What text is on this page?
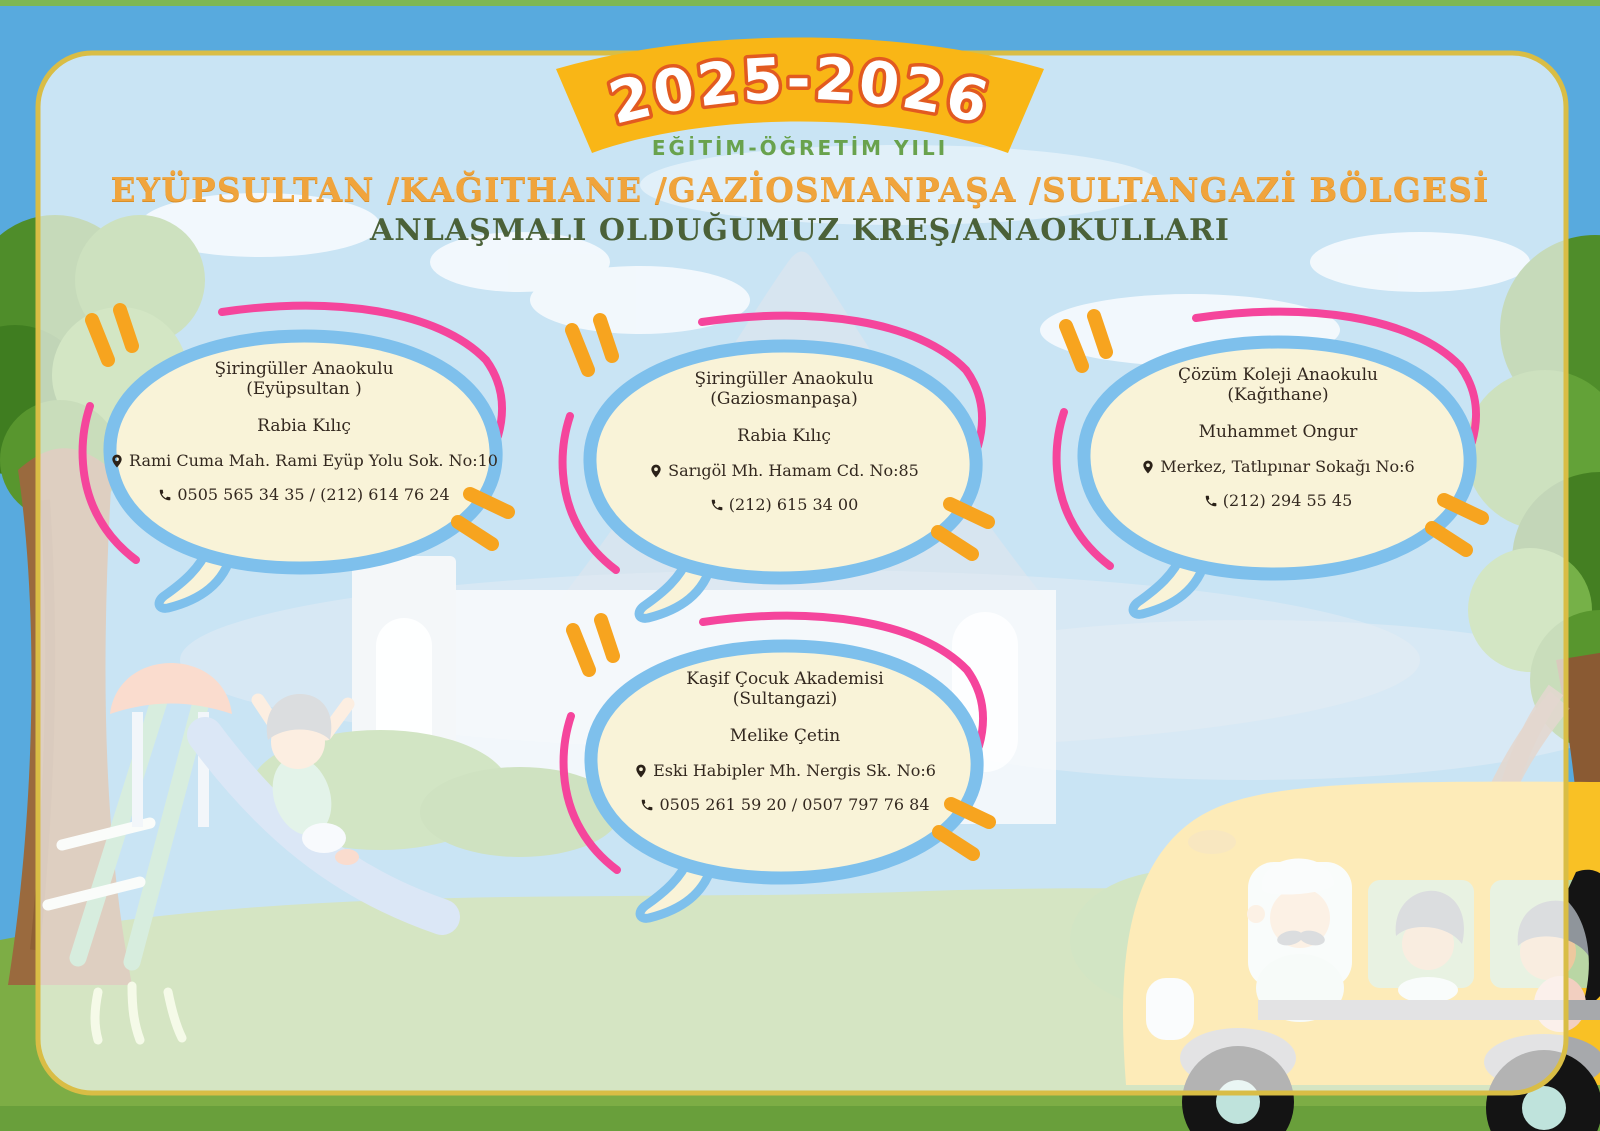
2025-2026
EĞİTİM-ÖĞRETİM YILI
EYÜPSULTAN /KAĞITHANE /GAZİOSMANPAŞA /SULTANGAZİ BÖLGESİ
ANLAŞMALI OLDUĞUMUZ KREŞ/ANAOKULLARI
Şiringüller Anaokulu
(Eyüpsultan )
Rabia Kılıç
Rami Cuma Mah. Rami Eyüp Yolu Sok. No:10
0505 565 34 35 / (212) 614 76 24
Şiringüller Anaokulu
(Gaziosmanpaşa)
Rabia Kılıç
Sarıgöl Mh. Hamam Cd. No:85
(212) 615 34 00
Çözüm Koleji Anaokulu
(Kağıthane)
Muhammet Ongur
Merkez, Tatlıpınar Sokağı No:6
(212) 294 55 45
Kaşif Çocuk Akademisi
(Sultangazi)
Melike Çetin
Eski Habipler Mh. Nergis Sk. No:6
0505 261 59 20 / 0507 797 76 84
